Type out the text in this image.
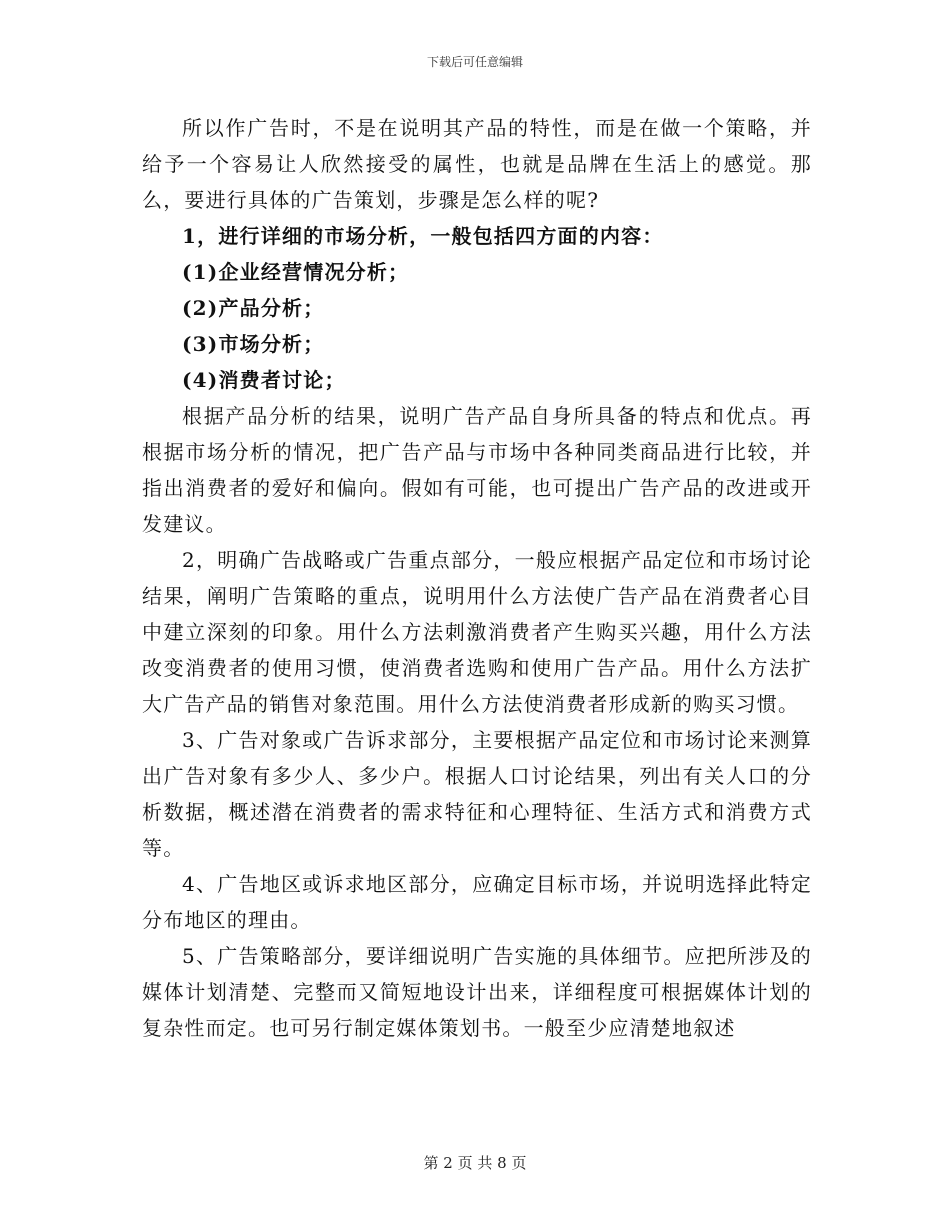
下载后可任意编辑

所以作广告时，不是在说明其产品的特性，而是在做一个策略，并给予一个容易让人欣然接受的属性，也就是品牌在生活上的感觉。那么，要进行具体的广告策划，步骤是怎么样的呢?

1，进行详细的市场分析，一般包括四方面的内容：

(1)企业经营情况分析；

(2)产品分析；

(3)市场分析；

(4)消费者讨论；

根据产品分析的结果，说明广告产品自身所具备的特点和优点。再根据市场分析的情况，把广告产品与市场中各种同类商品进行比较，并指出消费者的爱好和偏向。假如有可能，也可提出广告产品的改进或开发建议。

2，明确广告战略或广告重点部分，一般应根据产品定位和市场讨论结果，阐明广告策略的重点，说明用什么方法使广告产品在消费者心目中建立深刻的印象。用什么方法刺激消费者产生购买兴趣，用什么方法改变消费者的使用习惯，使消费者选购和使用广告产品。用什么方法扩大广告产品的销售对象范围。用什么方法使消费者形成新的购买习惯。

3、广告对象或广告诉求部分，主要根据产品定位和市场讨论来测算出广告对象有多少人、多少户。根据人口讨论结果，列出有关人口的分析数据，概述潜在消费者的需求特征和心理特征、生活方式和消费方式等。

4、广告地区或诉求地区部分，应确定目标市场，并说明选择此特定分布地区的理由。

5、广告策略部分，要详细说明广告实施的具体细节。应把所涉及的媒体计划清楚、完整而又简短地设计出来，详细程度可根据媒体计划的复杂性而定。也可另行制定媒体策划书。一般至少应清楚地叙述

第 2 页 共 8 页
